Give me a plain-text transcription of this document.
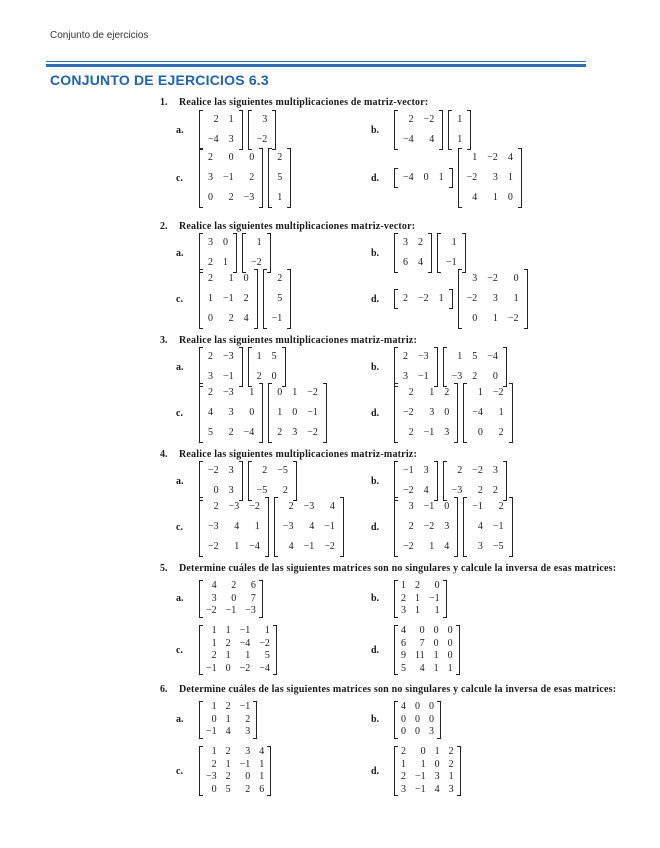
Conjunto de ejercicios
CONJUNTO DE EJERCICIOS 6.3
1. Realice las siguientes multiplicaciones de matriz-vector:
a.
2 1
−4 3
3
−2
b.
2 −2
−4	4
1
1
c.
2	0	0
3 −1	2
0	2 −3
2
5
1
d.	−4 0 1
1 −2 4
−2	3 1
4	1 0
2. Realice las siguientes multiplicaciones matriz-vector:
a.
3 0
2 1
1
−2
b.
3 2
6 4
1
−1
c.
2	1 0
1 −1 2
0	2 4
2
5
−1
d.	2 −2 1
3 −2	0
−2	3	1
0	1 −2
3. Realice las siguientes multiplicaciones matriz-matriz:
a.
2 −3
3 −1
1 5
2 0
b.
2 −3
3 −1
1 5 −4
−3 2	0
c.
2 −3	1
4	3	0
5	2 −4
0 1 −2
1 0 −1
2 3 −2
d.
2	1 2
−2	3 0
2 −1 3
1 −2
−4	1
0	2
4. Realice las siguientes multiplicaciones matriz-matriz:
a.
−2 3
0 3
2 −5
−5	2
b.
−1 3
−2 4
2 −2 3
−3	2 2
c.
2 −3 −2
−3	4	1
−2	1 −4
2 −3	4
−3	4 −1
4 −1 −2
d.
3 −1 0
2 −2 3
−2	1 4
−1	2
4 −1
3 −5
5. Determine cuáles de las siguientes matrices son no singulares y calcule la inversa de esas matrices:
a.
4	2	6
3	0	7
−2 −1 −3
b.
1 2	0
2 1 −1
3 1	1
c.
1 1 −1	1
1 2 −4 −2
2 1	1	5
−1 0 −2 −4
d.
4	0 0 0
6	7 0 0
9 11 1 0
5	4 1 1
6. Determine cuáles de las siguientes matrices son no singulares y calcule la inversa de esas matrices:
a.
1 2 −1
0 1	2
−1 4	3
b.
4 0 0
0 0 0
0 0 3
c.
1 2	3 4
2 1 −1 1
−3 2	0 1
0 5	2 6
d.
2	0 1 2
1	1 0 2
2 −1 3 1
3 −1 4 3
